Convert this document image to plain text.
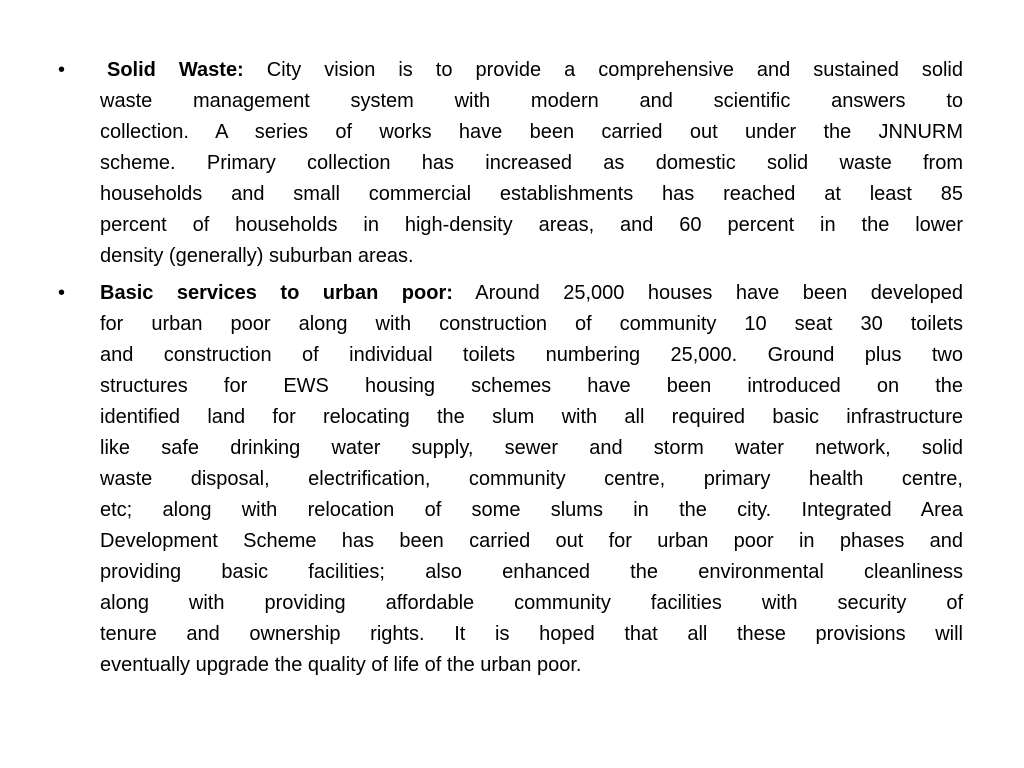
• Solid Waste: City vision is to provide a comprehensive and sustained solid
waste management system with modern and scientific answers to
collection. A series of works have been carried out under the JNNURM
scheme. Primary collection has increased as domestic solid waste from
households and small commercial establishments has reached at least 85
percent of households in high-density areas, and 60 percent in the lower
density (generally) suburban areas.
• Basic services to urban poor: Around 25,000 houses have been developed
for urban poor along with construction of community 10 seat 30 toilets
and construction of individual toilets numbering 25,000. Ground plus two
structures for EWS housing schemes have been introduced on the
identified land for relocating the slum with all required basic infrastructure
like safe drinking water supply, sewer and storm water network, solid
waste disposal, electrification, community centre, primary health centre,
etc; along with relocation of some slums in the city. Integrated Area
Development Scheme has been carried out for urban poor in phases and
providing basic facilities; also enhanced the environmental cleanliness
along with providing affordable community facilities with security of
tenure and ownership rights. It is hoped that all these provisions will
eventually upgrade the quality of life of the urban poor.
